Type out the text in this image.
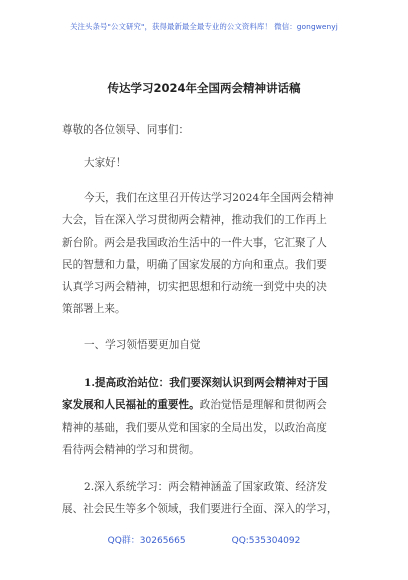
关注头条号"公文研究"，获得最新最全最专业的公文资料库！ 微信：gongwenyj
传达学习2024年全国两会精神讲话稿
尊敬的各位领导、同事们：
大家好！
今天，我们在这里召开传达学习2024年全国两会精神
大会，旨在深入学习贯彻两会精神，推动我们的工作再上
新台阶。两会是我国政治生活中的一件大事，它汇聚了人
民的智慧和力量，明确了国家发展的方向和重点。我们要
认真学习两会精神，切实把思想和行动统一到党中央的决
策部署上来。
一、学习领悟要更加自觉
1.提高政治站位：我们要深刻认识到两会精神对于国
家发展和人民福祉的重要性。政治觉悟是理解和贯彻两会
精神的基础，我们要从党和国家的全局出发，以政治高度
看待两会精神的学习和贯彻。
2.深入系统学习：两会精神涵盖了国家政策、经济发
展、社会民生等多个领域，我们要进行全面、深入的学习，
QQ群：30265665	QQ:535304092
